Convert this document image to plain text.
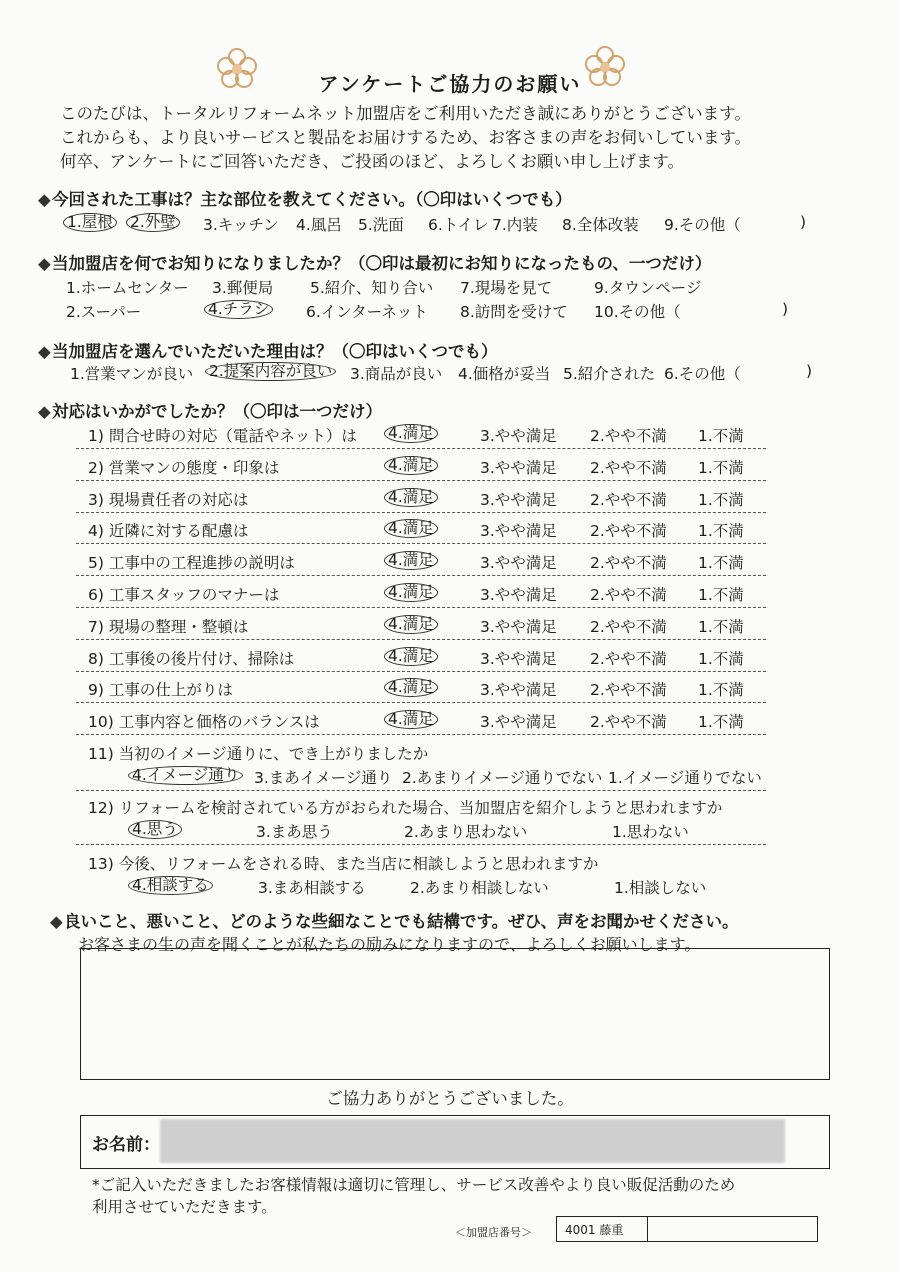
アンケートご協力のお願い
このたびは、トータルリフォームネット加盟店をご利用いただき誠にありがとうございます。
これからも、より良いサービスと製品をお届けするため、お客さまの声をお伺いしています。
何卒、アンケートにご回答いただき、ご投函のほど、よろしくお願い申し上げます。
◆今回された工事は？主な部位を教えてください。（〇印はいくつでも）
1.屋根 2.外壁 3.キッチン 4.風呂 5.洗面 6.トイレ 7.内装 8.全体改装 9.その他（	)
◆当加盟店を何でお知りになりましたか？（〇印は最初にお知りになったもの、一つだけ）
1.ホームセンター 3.郵便局 5.紹介、知り合い 7.現場を見て	9.タウンページ
2.スーパー	4.チラシ 6.インターネット 8.訪問を受けて 10.その他（	)
◆当加盟店を選んでいただいた理由は？（〇印はいくつでも）
1.営業マンが良い 2.提案内容が良い 3.商品が良い 4.価格が妥当 5.紹介された 6.その他（	)
◆対応はいかがでしたか？（〇印は一つだけ）
1) 問合せ時の対応（電話やネット）は 4.満足	3.やや満足 2.やや不満 1.不満
2) 営業マンの態度・印象は	4.満足	3.やや満足 2.やや不満 1.不満
3) 現場責任者の対応は	4.満足	3.やや満足 2.やや不満 1.不満
4) 近隣に対する配慮は	4.満足	3.やや満足 2.やや不満 1.不満
5) 工事中の工程進捗の説明は	4.満足	3.やや満足 2.やや不満 1.不満
6) 工事スタッフのマナーは	4.満足	3.やや満足 2.やや不満 1.不満
7) 現場の整理・整頓は	4.満足	3.やや満足 2.やや不満 1.不満
8) 工事後の後片付け、掃除は	4.満足	3.やや満足 2.やや不満 1.不満
9) 工事の仕上がりは	4.満足	3.やや満足 2.やや不満 1.不満
10) 工事内容と価格のバランスは	4.満足	3.やや満足 2.やや不満 1.不満
11) 当初のイメージ通りに、でき上がりましたか
4.イメージ通り 3.まあイメージ通り 2.あまりイメージ通りでない 1.イメージ通りでない
12) リフォームを検討されている方がおられた場合、当加盟店を紹介しようと思われますか
4.思う	3.まあ思う	2.あまり思わない	1.思わない
13) 今後、リフォームをされる時、また当店に相談しようと思われますか
4.相談する	3.まあ相談する	2.あまり相談しない	1.相談しない
◆良いこと、悪いこと、どのような些細なことでも結構です。ぜひ、声をお聞かせください。
お客さまの生の声を聞くことが私たちの励みになりますので、よろしくお願いします。
ご協力ありがとうございました。
お名前：
*ご記入いただきましたお客様情報は適切に管理し、サービス改善やより良い販促活動のため
利用させていただきます。
＜加盟店番号＞	4001 藤重
